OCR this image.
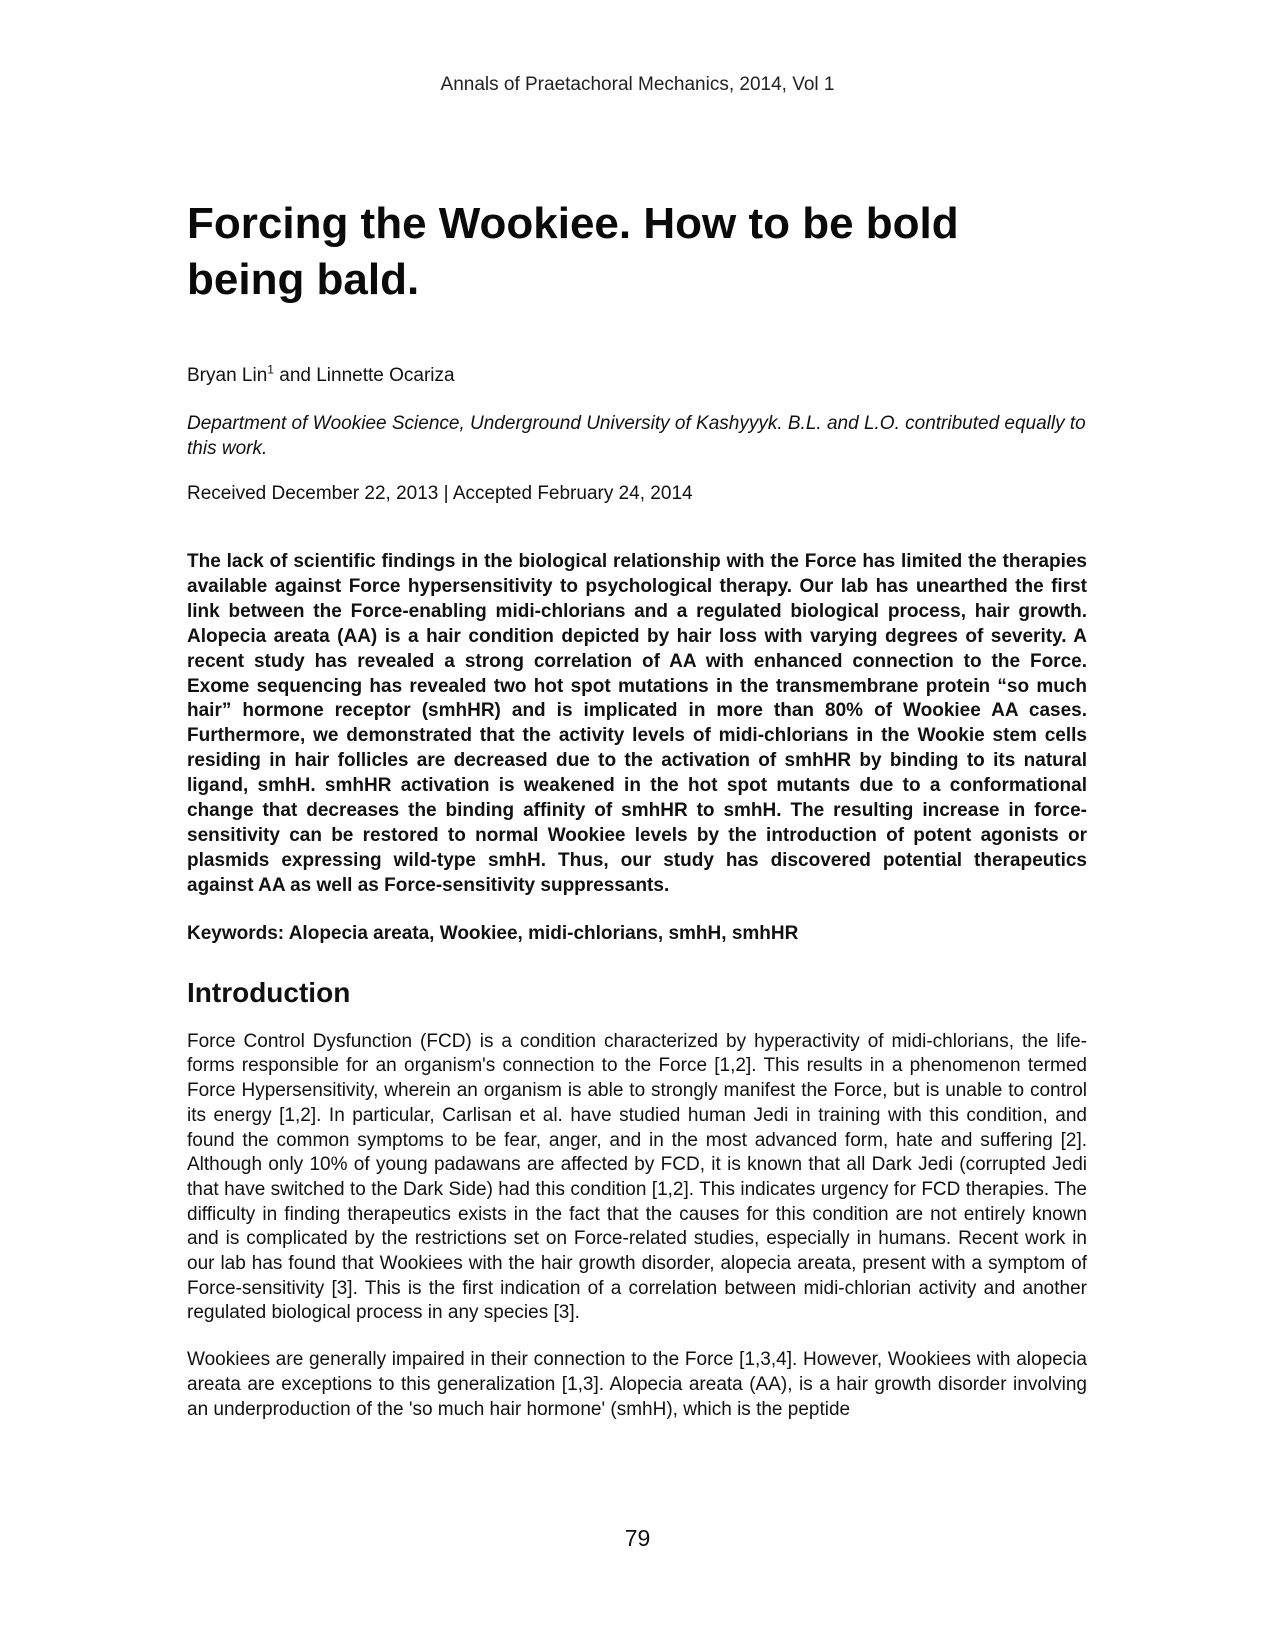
Annals of Praetachoral Mechanics, 2014, Vol 1
Forcing the Wookiee. How to be bold being bald.

Bryan Lin$^1$ and Linnette Ocariza

Department of Wookiee Science, Underground University of Kashyyyk. B.L. and L.O. contributed equally to this work.

Received December 22, 2013 | Accepted February 24, 2014

The lack of scientific findings in the biological relationship with the Force has limited the therapies available against Force hypersensitivity to psychological therapy. Our lab has unearthed the first link between the Force-enabling midi-chlorians and a regulated biological process, hair growth. Alopecia areata (AA) is a hair condition depicted by hair loss with varying degrees of severity. A recent study has revealed a strong correlation of AA with enhanced connection to the Force. Exome sequencing has revealed two hot spot mutations in the transmembrane protein “so much hair” hormone receptor (smhHR) and is implicated in more than 80% of Wookiee AA cases. Furthermore, we demonstrated that the activity levels of midi-chlorians in the Wookie stem cells residing in hair follicles are decreased due to the activation of smhHR by binding to its natural ligand, smhH. smhHR activation is weakened in the hot spot mutants due to a conformational change that decreases the binding affinity of smhHR to smhH. The resulting increase in force-sensitivity can be restored to normal Wookiee levels by the introduction of potent agonists or plasmids expressing wild-type smhH. Thus, our study has discovered potential therapeutics against AA as well as Force-sensitivity suppressants.

Keywords: Alopecia areata, Wookiee, midi-chlorians, smhH, smhHR

Introduction

Force Control Dysfunction (FCD) is a condition characterized by hyperactivity of midi-chlorians, the life-forms responsible for an organism's connection to the Force [1,2]. This results in a phenomenon termed Force Hypersensitivity, wherein an organism is able to strongly manifest the Force, but is unable to control its energy [1,2]. In particular, Carlisan et al. have studied human Jedi in training with this condition, and found the common symptoms to be fear, anger, and in the most advanced form, hate and suffering [2]. Although only 10% of young padawans are affected by FCD, it is known that all Dark Jedi (corrupted Jedi that have switched to the Dark Side) had this condition [1,2]. This indicates urgency for FCD therapies. The difficulty in finding therapeutics exists in the fact that the causes for this condition are not entirely known and is complicated by the restrictions set on Force-related studies, especially in humans. Recent work in our lab has found that Wookiees with the hair growth disorder, alopecia areata, present with a symptom of Force-sensitivity [3]. This is the first indication of a correlation between midi-chlorian activity and another regulated biological process in any species [3].

Wookiees are generally impaired in their connection to the Force [1,3,4]. However, Wookiees with alopecia areata are exceptions to this generalization [1,3]. Alopecia areata (AA), is a hair growth disorder involving an underproduction of the 'so much hair hormone' (smhH), which is the peptide

79
